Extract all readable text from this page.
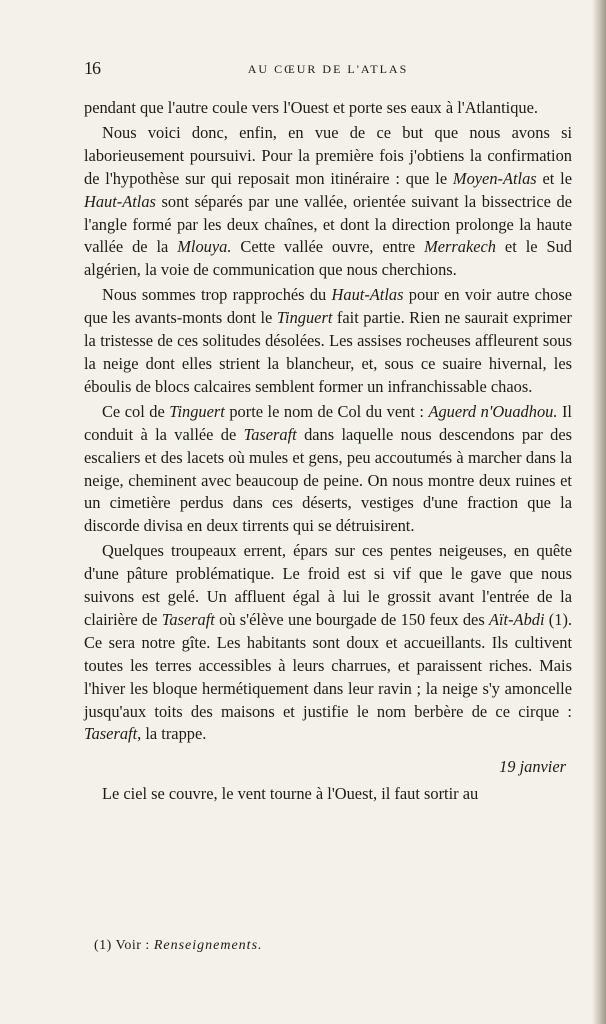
16	AU CŒUR DE L'ATLAS

pendant que l'autre coule vers l'Ouest et porte ses eaux à l'Atlantique.

Nous voici donc, enfin, en vue de ce but que nous avons si laborieusement poursuivi. Pour la première fois j'obtiens la confirmation de l'hypothèse sur qui reposait mon itinéraire : que le Moyen-Atlas et le Haut-Atlas sont séparés par une vallée, orientée suivant la bissectrice de l'angle formé par les deux chaînes, et dont la direction prolonge la haute vallée de la Mlouya. Cette vallée ouvre, entre Merrakech et le Sud algérien, la voie de communication que nous cherchions.

Nous sommes trop rapprochés du Haut-Atlas pour en voir autre chose que les avants-monts dont le Tinguert fait partie. Rien ne saurait exprimer la tristesse de ces solitudes désolées. Les assises rocheuses affleurent sous la neige dont elles strient la blancheur, et, sous ce suaire hivernal, les éboulis de blocs calcaires semblent former un infranchissable chaos.

Ce col de Tinguert porte le nom de Col du vent : Aguerd n'Ouadhou. Il conduit à la vallée de Taseraft dans laquelle nous descendons par des escaliers et des lacets où mules et gens, peu accoutumés à marcher dans la neige, cheminent avec beaucoup de peine. On nous montre deux ruines et un cimetière perdus dans ces déserts, vestiges d'une fraction que la discorde divisa en deux tirrents qui se détruisirent.

Quelques troupeaux errent, épars sur ces pentes neigeuses, en quête d'une pâture problématique. Le froid est si vif que le gave que nous suivons est gelé. Un affluent égal à lui le grossit avant l'entrée de la clairière de Taseraft où s'élève une bourgade de 150 feux des Aït-Abdi (1). Ce sera notre gîte. Les habitants sont doux et accueillants. Ils cultivent toutes les terres accessibles à leurs charrues, et paraissent riches. Mais l'hiver les bloque hermétiquement dans leur ravin ; la neige s'y amoncelle jusqu'aux toits des maisons et justifie le nom berbère de ce cirque : Taseraft, la trappe.

19 janvier

Le ciel se couvre, le vent tourne à l'Ouest, il faut sortir au

(1) Voir : Renseignements.
